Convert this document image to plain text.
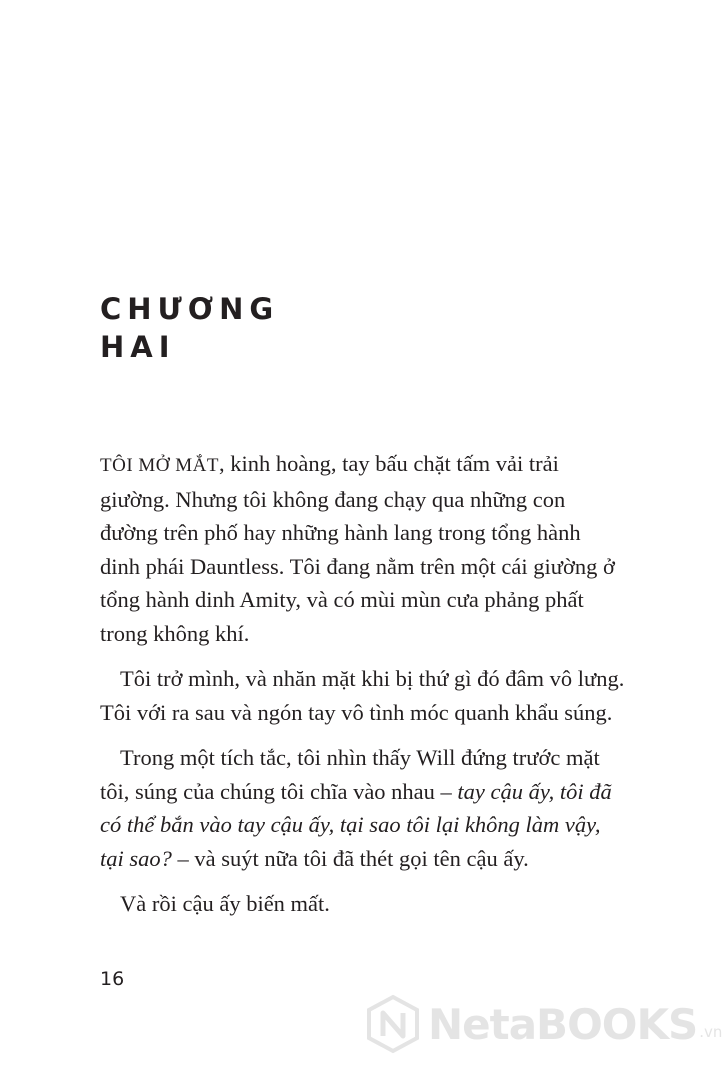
CHƯƠNG
HAI

TÔI MỞ MẮT, kinh hoàng, tay bấu chặt tấm vải trải giường. Nhưng tôi không đang chạy qua những con đường trên phố hay những hành lang trong tổng hành dinh phái Dauntless. Tôi đang nằm trên một cái giường ở tổng hành dinh Amity, và có mùi mùn cưa phảng phất trong không khí.

Tôi trở mình, và nhăn mặt khi bị thứ gì đó đâm vô lưng. Tôi với ra sau và ngón tay vô tình móc quanh khẩu súng.

Trong một tích tắc, tôi nhìn thấy Will đứng trước mặt tôi, súng của chúng tôi chĩa vào nhau – tay cậu ấy, tôi đã có thể bắn vào tay cậu ấy, tại sao tôi lại không làm vậy, tại sao? – và suýt nữa tôi đã thét gọi tên cậu ấy.

Và rồi cậu ấy biến mất.

16
NetaBOOKS .vn
